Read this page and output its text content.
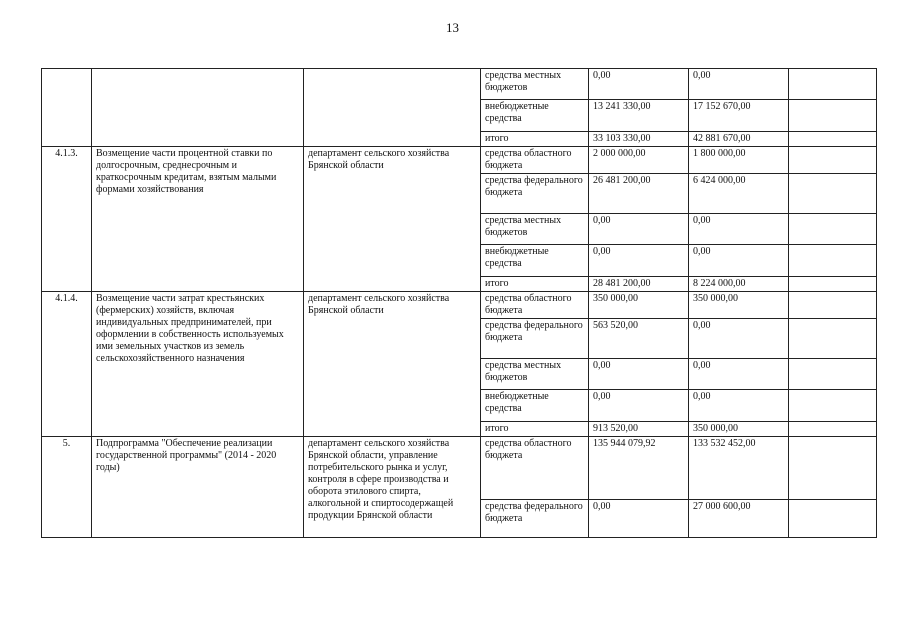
13
			средства местных бюджетов	0,00	0,00	
			внебюджетные средства	13 241 330,00	17 152 670,00	
			итого	33 103 330,00	42 881 670,00	
4.1.3.	Возмещение части процентной ставки по долгосрочным, среднесрочным и краткосрочным кредитам, взятым малыми формами хозяйствования	департамент сельского хозяйства Брянской области	средства областного бюджета	2 000 000,00	1 800 000,00	
			средства федерального бюджета	26 481 200,00	6 424 000,00	
			средства местных бюджетов	0,00	0,00	
			внебюджетные средства	0,00	0,00	
			итого	28 481 200,00	8 224 000,00	
4.1.4.	Возмещение части затрат крестьянских (фермерских) хозяйств, включая индивидуальных предпринимателей, при оформлении в собственность используемых ими земельных участков из земель сельскохозяйственного назначения	департамент сельского хозяйства Брянской области	средства областного бюджета	350 000,00	350 000,00	
			средства федерального бюджета	563 520,00	0,00	
			средства местных бюджетов	0,00	0,00	
			внебюджетные средства	0,00	0,00	
			итого	913 520,00	350 000,00	
5.	Подпрограмма "Обеспечение реализации государственной программы" (2014 - 2020 годы)	департамент сельского хозяйства Брянской области, управление потребительского рынка и услуг, контроля в сфере производства и оборота этилового спирта, алкогольной и спиртосодержащей продукции Брянской области	средства областного бюджета	135 944 079,92	133 532 452,00	
			средства федерального бюджета	0,00	27 000 600,00	
